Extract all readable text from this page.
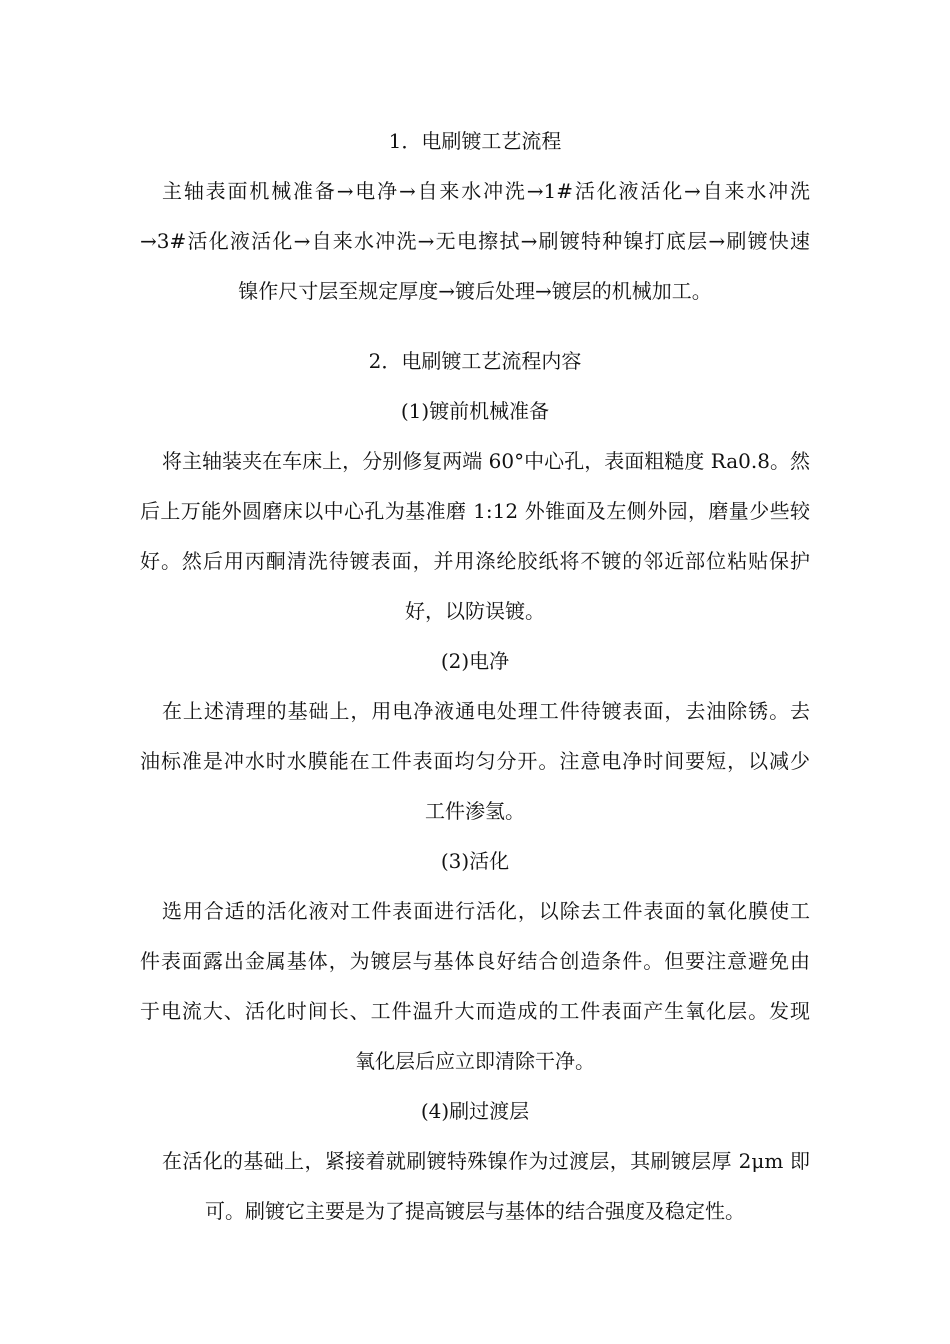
1．电刷镀工艺流程
主轴表面机械准备→电净→自来水冲洗→1#活化液活化→自来水冲洗
→3#活化液活化→自来水冲洗→无电擦拭→刷镀特种镍打底层→刷镀快速
镍作尺寸层至规定厚度→镀后处理→镀层的机械加工。
2．电刷镀工艺流程内容
(1)镀前机械准备
将主轴装夹在车床上，分别修复两端 60°中心孔，表面粗糙度 Ra0.8。然
后上万能外圆磨床以中心孔为基准磨 1:12 外锥面及左侧外园，磨量少些较
好。然后用丙酮清洗待镀表面，并用涤纶胶纸将不镀的邻近部位粘贴保护
好，以防误镀。
(2)电净
在上述清理的基础上，用电净液通电处理工件待镀表面，去油除锈。去
油标准是冲水时水膜能在工件表面均匀分开。注意电净时间要短，以减少
工件渗氢。
(3)活化
选用合适的活化液对工件表面进行活化，以除去工件表面的氧化膜使工
件表面露出金属基体，为镀层与基体良好结合创造条件。但要注意避免由
于电流大、活化时间长、工件温升大而造成的工件表面产生氧化层。发现
氧化层后应立即清除干净。
(4)刷过渡层
在活化的基础上，紧接着就刷镀特殊镍作为过渡层，其刷镀层厚 2μm 即
可。刷镀它主要是为了提高镀层与基体的结合强度及稳定性。
